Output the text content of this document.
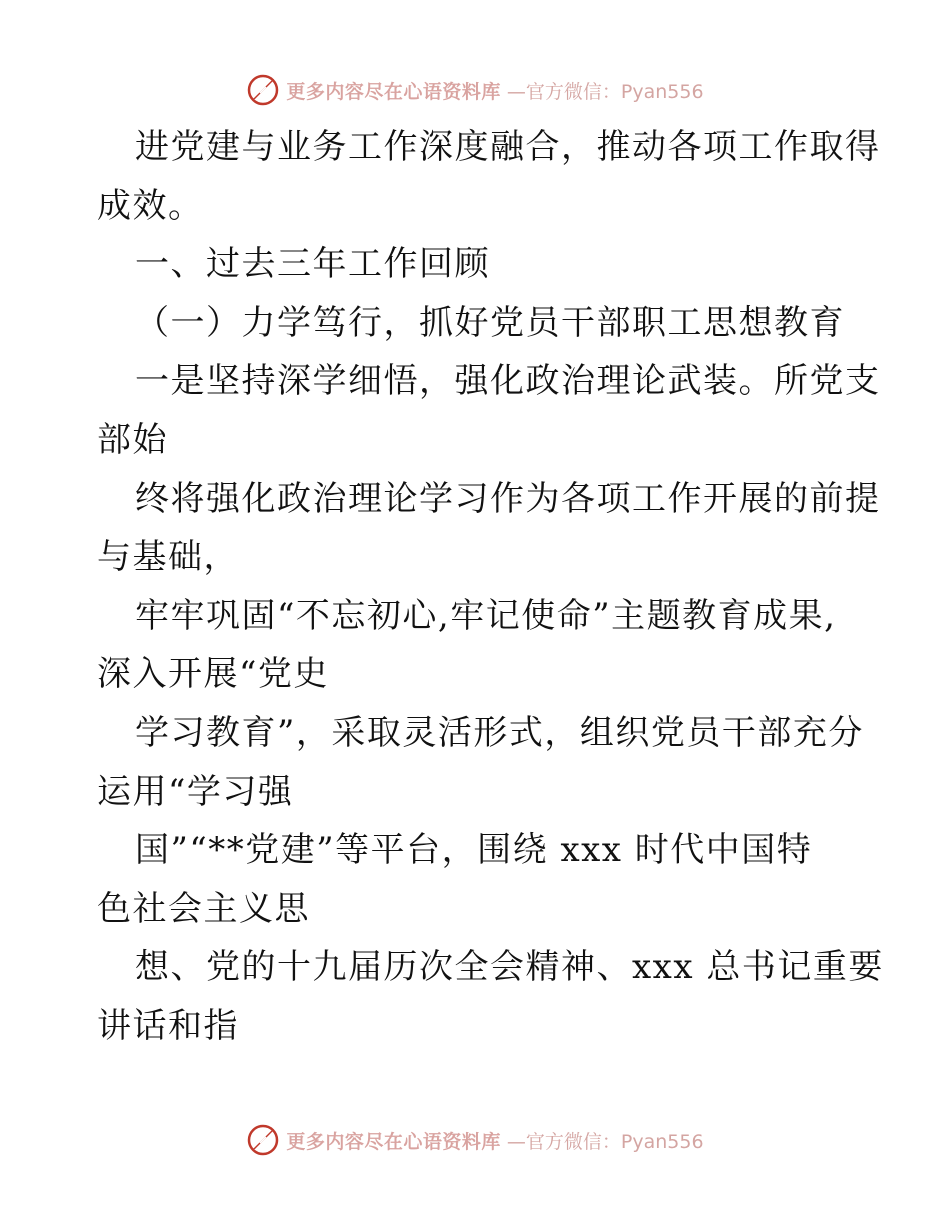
更多内容尽在心语资料库 —官方微信：Pyan556
进党建与业务工作深度融合，推动各项工作取得
成效。
一、过去三年工作回顾
（一）力学笃行，抓好党员干部职工思想教育
一是坚持深学细悟，强化政治理论武装。所党支
部始
终将强化政治理论学习作为各项工作开展的前提
与基础，
牢牢巩固“不忘初心,牢记使命”主题教育成果,
深入开展“党史
学习教育”，采取灵活形式，组织党员干部充分
运用“学习强
国”“**党建”等平台，围绕 xxx 时代中国特
色社会主义思
想、党的十九届历次全会精神、xxx 总书记重要
讲话和指
更多内容尽在心语资料库 —官方微信：Pyan556
